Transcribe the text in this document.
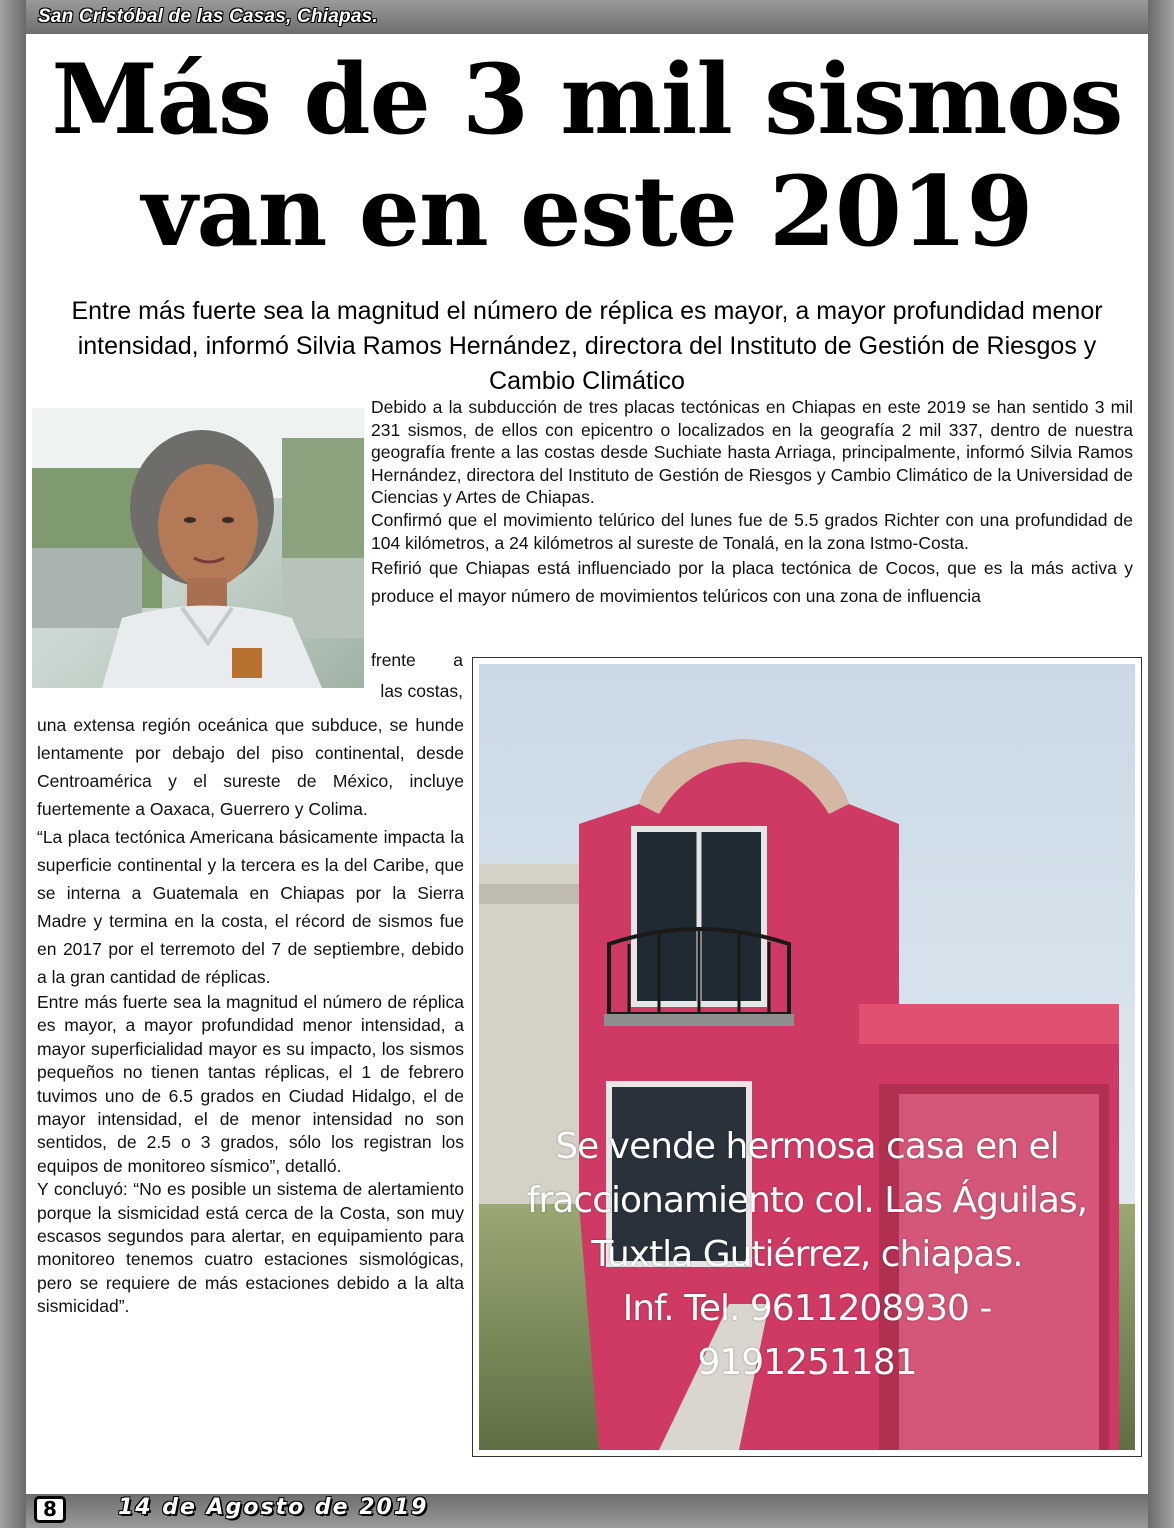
San Cristóbal de las Casas, Chiapas.
Más de 3 mil sismos
van en este 2019
Entre más fuerte sea la magnitud el número de réplica es mayor, a mayor profundidad menor intensidad, informó Silvia Ramos Hernández, directora del Instituto de Gestión de Riesgos y Cambio Climático

Debido a la subducción de tres placas tectónicas en Chiapas en este 2019 se han sentido 3 mil 231 sismos, de ellos con epicentro o localizados en la geografía 2 mil 337, dentro de nuestra geografía frente a las costas desde Suchiate hasta Arriaga, principalmente, informó Silvia Ramos Hernández, directora del Instituto de Gestión de Riesgos y Cambio Climático de la Universidad de Ciencias y Artes de Chiapas.

Confirmó que el movimiento telúrico del lunes fue de 5.5 grados Richter con una profundidad de 104 kilómetros, a 24 kilómetros al sureste de Tonalá, en la zona Istmo-Costa.

Refirió que Chiapas está influenciado por la placa tectónica de Cocos, que es la más activa y produce el mayor número de movimientos telúricos con una zona de influencia

frente a
las costas,

una extensa región oceánica que subduce, se hunde lentamente por debajo del piso continental, desde Centroamérica y el sureste de México, incluye fuertemente a Oaxaca, Guerrero y Colima.

“La placa tectónica Americana básicamente impacta la superficie continental y la tercera es la del Caribe, que se interna a Guatemala en Chiapas por la Sierra Madre y termina en la costa, el récord de sismos fue en 2017 por el terremoto del 7 de septiembre, debido a la gran cantidad de réplicas.

Entre más fuerte sea la magnitud el número de réplica es mayor, a mayor profundidad menor intensidad, a mayor superficialidad mayor es su impacto, los sismos pequeños no tienen tantas réplicas, el 1 de febrero tuvimos uno de 6.5 grados en Ciudad Hidalgo, el de mayor intensidad, el de menor intensidad no son sentidos, de 2.5 o 3 grados, sólo los registran los equipos de monitoreo sísmico”, detalló.

Y concluyó: “No es posible un sistema de alertamiento porque la sismicidad está cerca de la Costa, son muy escasos segundos para alertar, en equipamiento para monitoreo tenemos cuatro estaciones sismológicas, pero se requiere de más estaciones debido a la alta sismicidad”.

Se vende hermosa casa en el
fraccionamiento col. Las Águilas,
Tuxtla Gutiérrez, chiapas.
Inf. Tel. 9611208930 -
9191251181
8	14 de Agosto de 2019
